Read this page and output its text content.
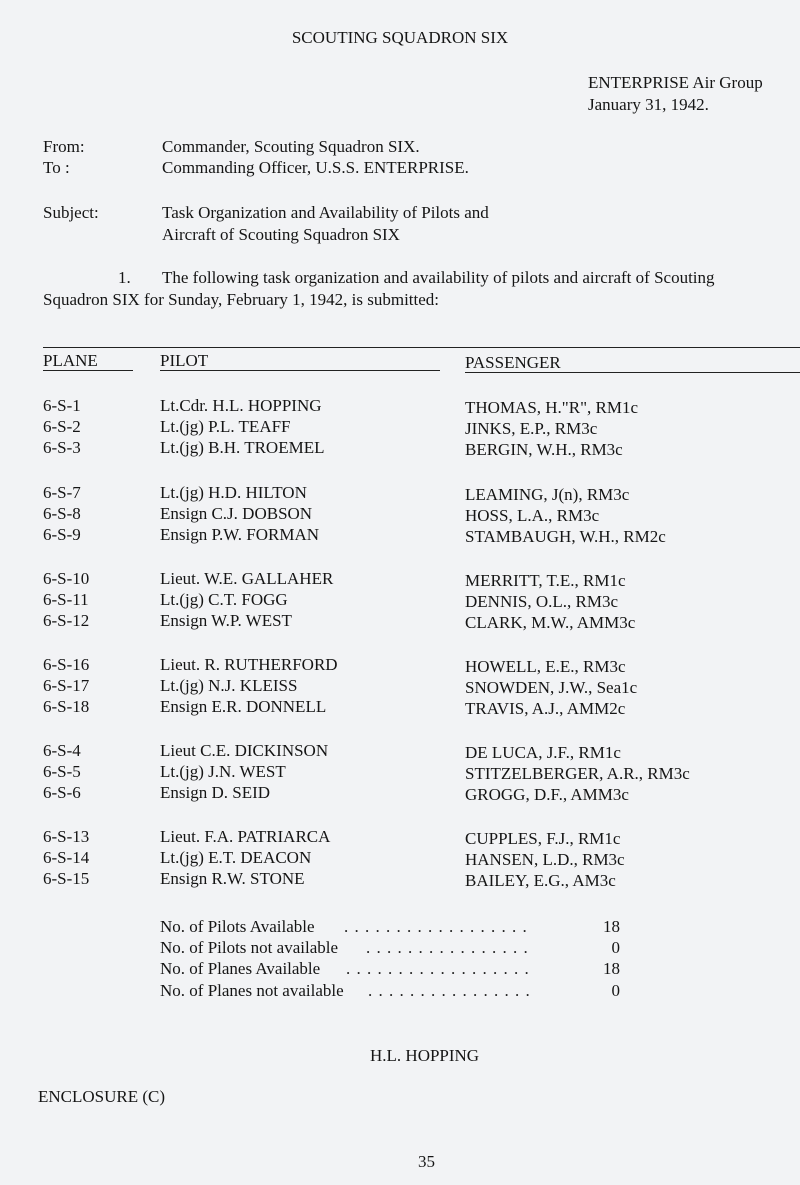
SCOUTING SQUADRON SIX
ENTERPRISE Air Group
January 31, 1942.
From:	Commander, Scouting Squadron SIX.
To :	Commanding Officer, U.S.S. ENTERPRISE.
Subject:	Task Organization and Availability of Pilots and
Aircraft of Scouting Squadron SIX
1. The following task organization and availability of pilots and aircraft of Scouting
Squadron SIX for Sunday, February 1, 1942, is submitted:
PLANE	PILOT	PASSENGER
6-S-1	Lt.Cdr. H.L. HOPPING	THOMAS, H."R", RM1c
6-S-2	Lt.(jg) P.L. TEAFF	JINKS, E.P., RM3c
6-S-3	Lt.(jg) B.H. TROEMEL	BERGIN, W.H., RM3c
6-S-7	Lt.(jg) H.D. HILTON	LEAMING, J(n), RM3c
6-S-8	Ensign C.J. DOBSON	HOSS, L.A., RM3c
6-S-9	Ensign P.W. FORMAN	STAMBAUGH, W.H., RM2c
6-S-10	Lieut. W.E. GALLAHER	MERRITT, T.E., RM1c
6-S-11	Lt.(jg) C.T. FOGG	DENNIS, O.L., RM3c
6-S-12	Ensign W.P. WEST	CLARK, M.W., AMM3c
6-S-16	Lieut. R. RUTHERFORD	HOWELL, E.E., RM3c
6-S-17	Lt.(jg) N.J. KLEISS	SNOWDEN, J.W., Sea1c
6-S-18	Ensign E.R. DONNELL	TRAVIS, A.J., AMM2c
6-S-4	Lieut C.E. DICKINSON	DE LUCA, J.F., RM1c
6-S-5	Lt.(jg) J.N. WEST	STITZELBERGER, A.R., RM3c
6-S-6	Ensign D. SEID	GROGG, D.F., AMM3c
6-S-13	Lieut. F.A. PATRIARCA	CUPPLES, F.J., RM1c
6-S-14	Lt.(jg) E.T. DEACON	HANSEN, L.D., RM3c
6-S-15	Ensign R.W. STONE	BAILEY, E.G., AM3c
No. of Pilots Available . . . . . . . . . . . . . . . . . .	18
No. of Pilots not available . . . . . . . . . . . . . . . .	0
No. of Planes Available . . . . . . . . . . . . . . . . . .	18
No. of Planes not available . . . . . . . . . . . . . . . .	0
H.L. HOPPING
ENCLOSURE (C)
35
